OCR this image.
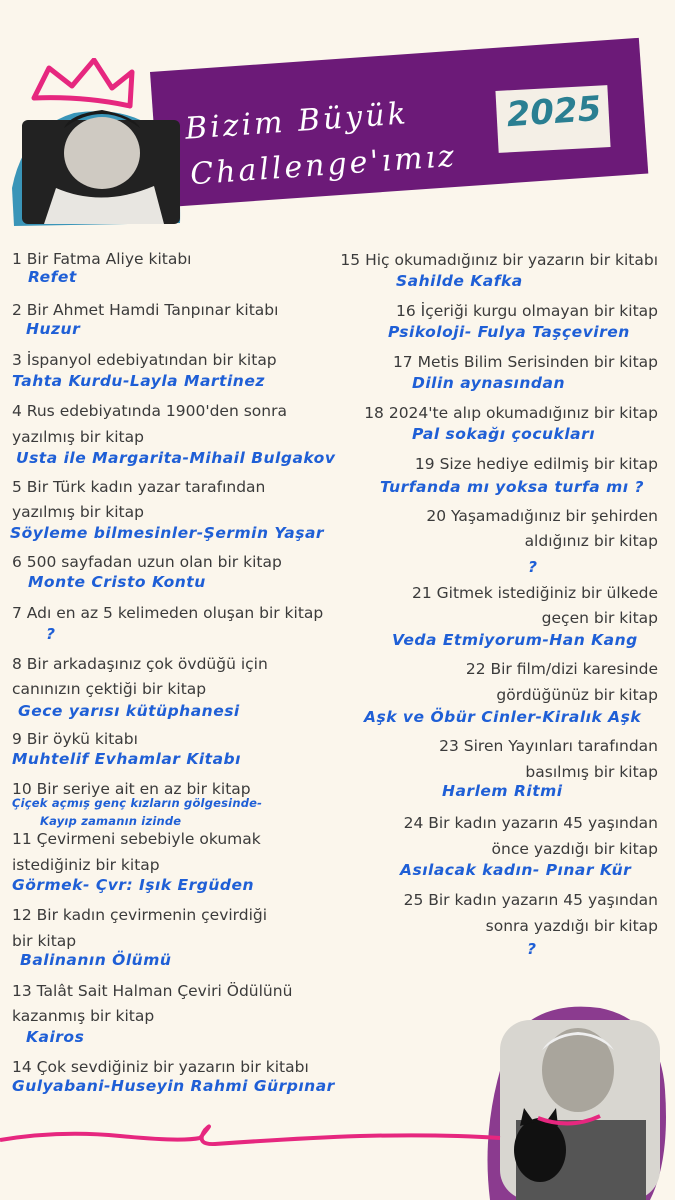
Bizim Büyük
Challenge'ımız
2025
1 Bir Fatma Aliye kitabı
Refet
2 Bir Ahmet Hamdi Tanpınar kitabı
Huzur
3 İspanyol edebiyatından bir kitap
Tahta Kurdu-Layla Martinez
4 Rus edebiyatında 1900'den sonra
yazılmış bir kitap
Usta ile Margarita-Mihail Bulgakov
5 Bir Türk kadın yazar tarafından
yazılmış bir kitap
Söyleme bilmesinler-Şermin Yaşar
6 500 sayfadan uzun olan bir kitap
Monte Cristo Kontu
7 Adı en az 5 kelimeden oluşan bir kitap
?
8 Bir arkadaşınız çok övdüğü için
canınızın çektiği bir kitap
Gece yarısı kütüphanesi
9 Bir öykü kitabı
Muhtelif Evhamlar Kitabı
10 Bir seriye ait en az bir kitap
Çiçek açmış genç kızların gölgesinde-
Kayıp zamanın izinde
11 Çevirmeni sebebiyle okumak
istediğiniz bir kitap
Görmek- Çvr: Işık Ergüden
12 Bir kadın çevirmenin çevirdiği
bir kitap
Balinanın Ölümü
13 Talât Sait Halman Çeviri Ödülünü
kazanmış bir kitap
Kairos
14 Çok sevdiğiniz bir yazarın bir kitabı
Gulyabani-Huseyin Rahmi Gürpınar
15 Hiç okumadığınız bir yazarın bir kitabı
Sahilde Kafka
16 İçeriği kurgu olmayan bir kitap
Psikoloji- Fulya Taşçeviren
17 Metis Bilim Serisinden bir kitap
Dilin aynasından
18 2024'te alıp okumadığınız bir kitap
Pal sokağı çocukları
19 Size hediye edilmiş bir kitap
Turfanda mı yoksa turfa mı ?
20 Yaşamadığınız bir şehirden
aldığınız bir kitap
?
21 Gitmek istediğiniz bir ülkede
geçen bir kitap
Veda Etmiyorum-Han Kang
22 Bir film/dizi karesinde
gördüğünüz bir kitap
Aşk ve Öbür Cinler-Kiralık Aşk
23 Siren Yayınları tarafından
basılmış bir kitap
Harlem Ritmi
24 Bir kadın yazarın 45 yaşından
önce yazdığı bir kitap
Asılacak kadın- Pınar Kür
25 Bir kadın yazarın 45 yaşından
sonra yazdığı bir kitap
?
